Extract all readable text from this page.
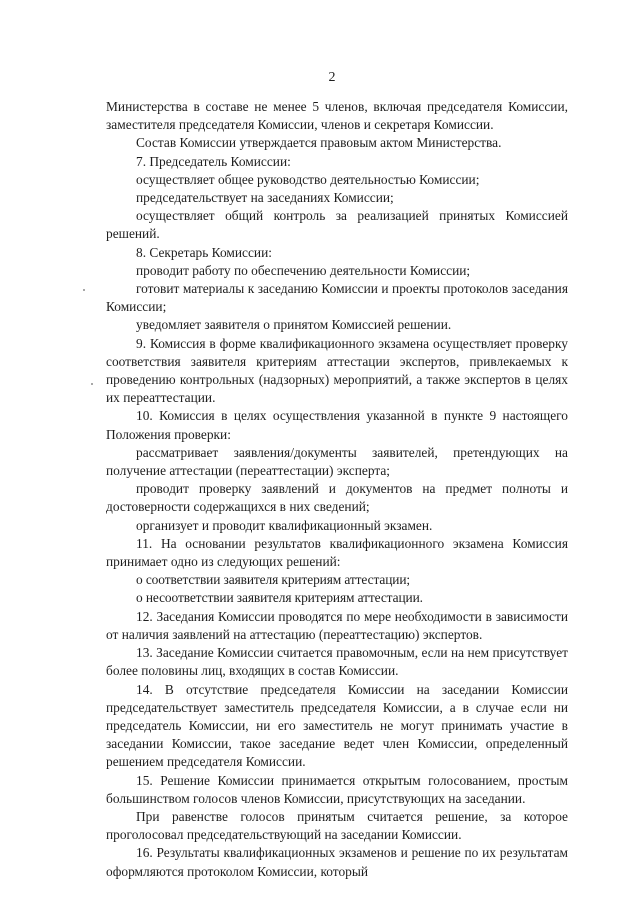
2

Министерства в составе не менее 5 членов, включая председателя Комиссии, заместителя председателя Комиссии, членов и секретаря Комиссии.

Состав Комиссии утверждается правовым актом Министерства.

7. Председатель Комиссии:

осуществляет общее руководство деятельностью Комиссии;

председательствует на заседаниях Комиссии;

осуществляет общий контроль за реализацией принятых Комиссией решений.

8. Секретарь Комиссии:

проводит работу по обеспечению деятельности Комиссии;

готовит материалы к заседанию Комиссии и проекты протоколов заседания Комиссии;

уведомляет заявителя о принятом Комиссией решении.

9. Комиссия в форме квалификационного экзамена осуществляет проверку соответствия заявителя критериям аттестации экспертов, привлекаемых к проведению контрольных (надзорных) мероприятий, а также экспертов в целях их переаттестации.

10. Комиссия в целях осуществления указанной в пункте 9 настоящего Положения проверки:

рассматривает заявления/документы заявителей, претендующих на получение аттестации (переаттестации) эксперта;

проводит проверку заявлений и документов на предмет полноты и достоверности содержащихся в них сведений;

организует и проводит квалификационный экзамен.

11. На основании результатов квалификационного экзамена Комиссия принимает одно из следующих решений:

о соответствии заявителя критериям аттестации;

о несоответствии заявителя критериям аттестации.

12. Заседания Комиссии проводятся по мере необходимости в зависимости от наличия заявлений на аттестацию (переаттестацию) экспертов.

13. Заседание Комиссии считается правомочным, если на нем присутствует более половины лиц, входящих в состав Комиссии.

14. В отсутствие председателя Комиссии на заседании Комиссии председательствует заместитель председателя Комиссии, а в случае если ни председатель Комиссии, ни его заместитель не могут принимать участие в заседании Комиссии, такое заседание ведет член Комиссии, определенный решением председателя Комиссии.

15. Решение Комиссии принимается открытым голосованием, простым большинством голосов членов Комиссии, присутствующих на заседании.

При равенстве голосов принятым считается решение, за которое проголосовал председательствующий на заседании Комиссии.

16. Результаты квалификационных экзаменов и решение по их результатам оформляются протоколом Комиссии, который
